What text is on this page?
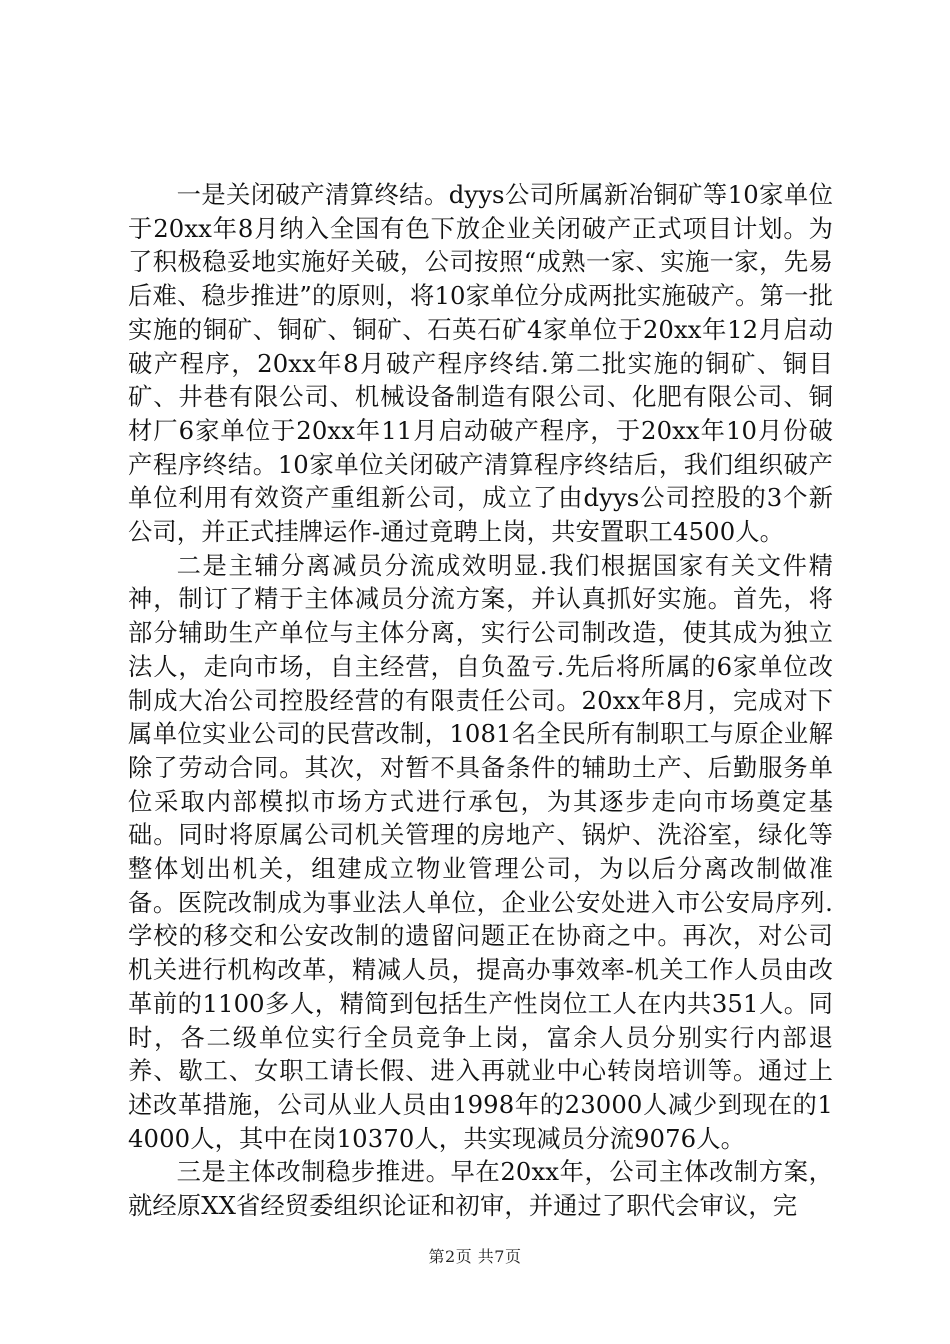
一是关闭破产清算终结。dyys公司所属新冶铜矿等10家单位于20xx年8月纳入全国有色下放企业关闭破产正式项目计划。为了积极稳妥地实施好关破，公司按照“成熟一家、实施一家，先易后难、稳步推进”的原则，将10家单位分成两批实施破产。第一批实施的铜矿、铜矿、铜矿、石英石矿4家单位于20xx年12月启动破产程序，20xx年8月破产程序终结.第二批实施的铜矿、铜目矿、井巷有限公司、机械设备制造有限公司、化肥有限公司、铜材厂6家单位于20xx年11月启动破产程序，于20xx年10月份破产程序终结。10家单位关闭破产清算程序终结后，我们组织破产单位利用有效资产重组新公司，成立了由dyys公司控股的3个新公司，并正式挂牌运作-通过竟聘上岗，共安置职工4500人。

二是主辅分离减员分流成效明显.我们根据国家有关文件精神，制订了精于主体减员分流方案，并认真抓好实施。首先，将部分辅助生产单位与主体分离，实行公司制改造，使其成为独立法人，走向市场，自主经营，自负盈亏.先后将所属的6家单位改制成大冶公司控股经营的有限责任公司。20xx年8月，完成对下属单位实业公司的民营改制，1081名全民所有制职工与原企业解除了劳动合同。其次，对暂不具备条件的辅助土产、后勤服务单位采取内部模拟市场方式进行承包，为其逐步走向市场奠定基础。同时将原属公司机关管理的房地产、锅炉、洗浴室，绿化等整体划出机关，组建成立物业管理公司，为以后分离改制做准备。医院改制成为事业法人单位，企业公安处进入市公安局序列.学校的移交和公安改制的遗留问题正在协商之中。再次，对公司机关进行机构改革，精减人员，提高办事效率-机关工作人员由改革前的1100多人，精简到包括生产性岗位工人在内共351人。同时，各二级单位实行全员竞争上岗，富余人员分别实行内部退养、歇工、女职工请长假、进入再就业中心转岗培训等。通过上述改革措施，公司从业人员由1998年的23000人减少到现在的14000人，其中在岗10370人，共实现减员分流9076人。

三是主体改制稳步推进。早在20xx年，公司主体改制方案，就经原XX省经贸委组织论证和初审，并通过了职代会审议，完

第2页 共7页
